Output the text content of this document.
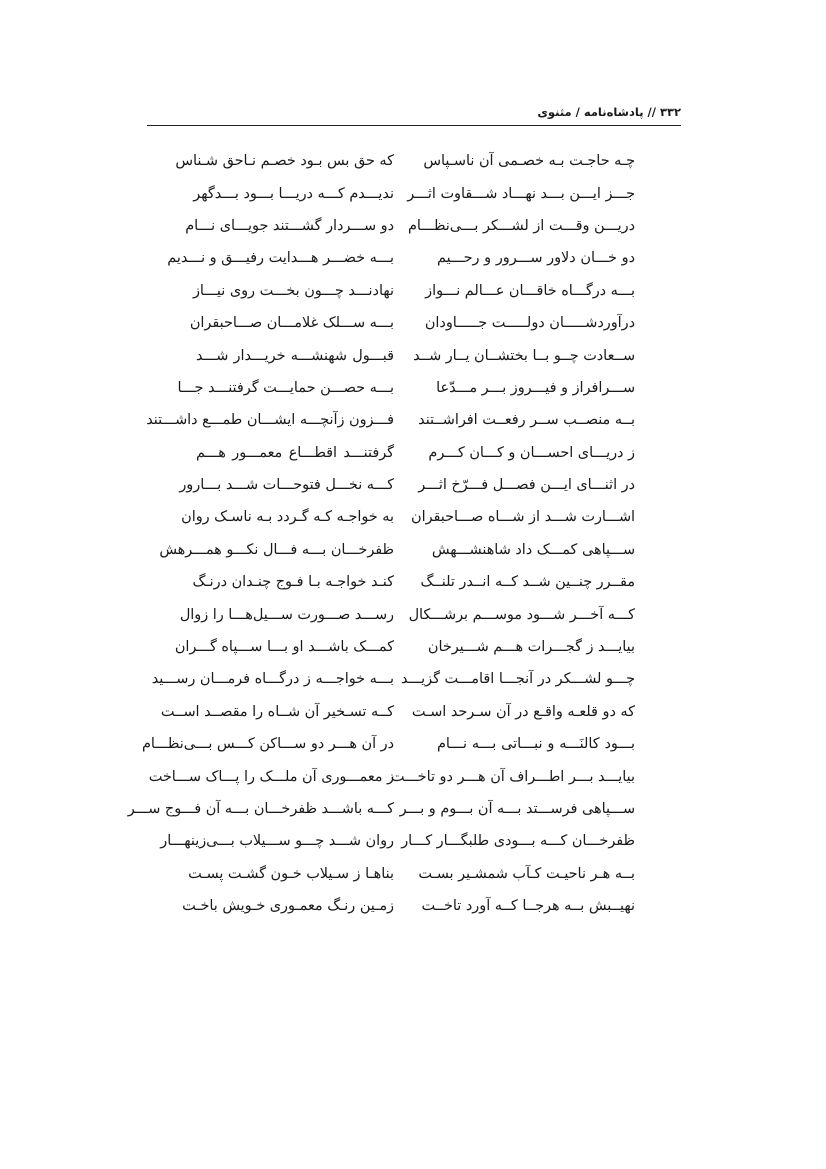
۳۳۲ // پادشاه‌نامه / مثنوی
چـه حاجـت بـه خصـمی آن ناسـپاس
که حق بس بـود خصـم نـاحق شـناس
جـــز ایـــن بـــد نهـــاد شـــقاوت اثـــر
ندیـــدم کـــه دریـــا بـــود بـــدگهر
دریـــن وقـــت از لشـــکر بـــی‌نظـــام
دو ســـردار گشـــتند جویـــای نـــام
دو خـــان دلاور ســـرور و رحـــیم
بـــه خضـــر هـــدایت رفیـــق و نـــدیم
بـــه درگـــاه خاقـــان عـــالم نـــواز
نهادنـــد چـــون بخـــت روی نیـــاز
درآوردشـــــان دولـــــت جـــــاودان
بـــه ســـلک غلامـــان صـــاحبقران
ســعادت چــو بــا بختشــان یــار شــد
قبـــول شهنشـــه خریـــدار شـــد
ســـرافراز و فیـــروز بـــر مـــدّعا
بـــه حصـــن حمایـــت گرفتنـــد جـــا
بــه منصــب ســر رفعــت افراشــتند
فـــزون زآنچـــه ایشـــان طمـــع داشـــتند
ز دریـــای احســـان و کـــان کـــرم
گرفتنـــد اقطـــاع معمـــور هـــم
در اثنـــای ایـــن فصـــل فـــرّخ اثـــر
کـــه نخـــل فتوحـــات شـــد بـــارور
اشـــارت شـــد از شـــاه صـــاحبقران
به خواجـه کـه گـردد بـه ناسـک روان
ســـپاهی کمـــک داد شاهنشـــهش
ظفرخـــان بـــه فـــال نکـــو همـــرهش
مقــرر چنــین شــد کــه انــدر تلنــگ
کنـد خواجـه بـا فـوج چنـدان درنـگ
کـــه آخـــر شـــود موســـم برشـــکال
رســـد صـــورت ســـیل‌هـــا را زوال
بیایـــد ز گجـــرات هـــم شـــیرخان
کمـــک باشـــد او بـــا ســـپاه گـــران
چـــو لشـــکر در آنجـــا اقامـــت گزیـــد
بـــه خواجـــه ز درگـــاه فرمـــان رســـید
که دو قلعـه واقـع در آن سـرحد اسـت
کــه تسـخیر آن شــاه را مقصــد اســت
بـــود کالنَـــه و نبـــاتی بـــه نـــام
در آن هـــر دو ســـاکن کـــس بـــی‌نظـــام
بیایـــد بـــر اطـــراف آن هـــر دو تاخـــت
ز معمـــوری آن ملـــک را پـــاک ســـاخت
ســـپاهی فرســـتد بـــه آن بـــوم و بـــر
کـــه باشـــد ظفرخـــان بـــه آن فـــوج ســـر
ظفرخـــان کـــه بـــودی طلبگـــار کـــار
روان شـــد چـــو ســـیلاب بـــی‌زینهـــار
بــه هـر ناحیـت کـآب شمشـیر بسـت
بناهـا ز سـیلاب خـون گشـت پسـت
نهیــبش بــه هرجــا کــه آورد تاخــت
زمـین رنـگ معمـوری خـویش باخـت
